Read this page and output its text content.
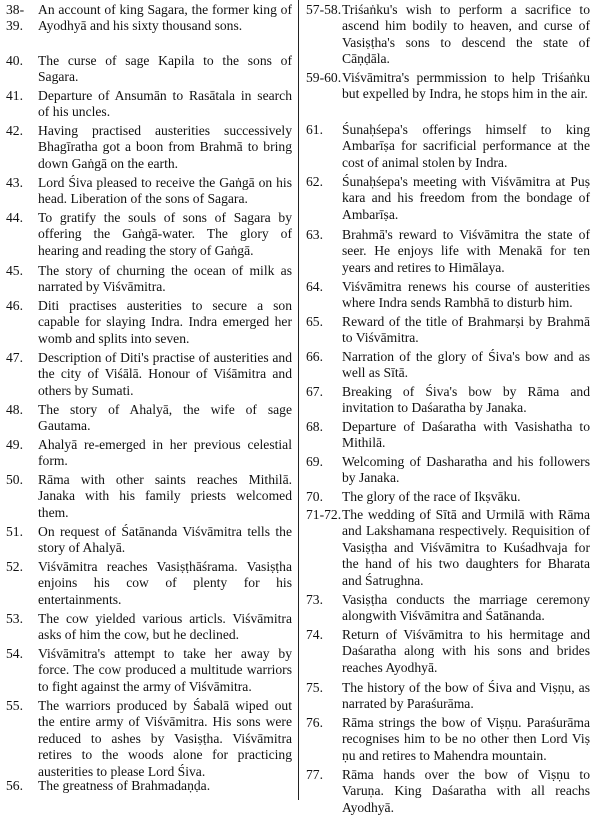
38-39.
An account of king Sagara, the former king of Ayodhyā and his sixty thousand sons.
40.	The curse of sage Kapila to the sons of Sagara.
41.	Departure of Ansumān to Rasātala in search of his uncles.
42.	Having practised austerities successively Bhagīratha got a boon from Brahmā to bring down Gaṅgā on the earth.
43.	Lord Śiva pleased to receive the Gaṅgā on his head. Liberation of the sons of Sagara.
44.	To gratify the souls of sons of Sagara by offering the Gaṅgā-water. The glory of hearing and reading the story of Gaṅgā.
45.	The story of churning the ocean of milk as narrated by Viśvāmitra.
46.	Diti practises austerities to secure a son capable for slaying Indra. Indra emerged her womb and splits into seven.
47.	Description of Diti's practise of austerities and the city of Viśālā. Honour of Viśāmitra and others by Sumati.
48.	The story of Ahalyā, the wife of sage Gautama.
49.	Ahalyā re-emerged in her previous celestial form.
50.	Rāma with other saints reaches Mithilā. Janaka with his family priests welcomed them.
51.	On request of Śatānanda Viśvāmitra tells the story of Ahalyā.
52.	Viśvāmitra reaches Vasiṣṭhāśrama. Vasiṣṭha enjoins his cow of plenty for his entertainments.
53.	The cow yielded various articls. Viśvāmitra asks of him the cow, but he declined.
54.	Viśvāmitra's attempt to take her away by force. The cow produced a multitude warriors to fight against the army of Viśvāmitra.
55.	The warriors produced by Śabalā wiped out the entire army of Viśvāmitra. His sons were reduced to ashes by Vasiṣṭha. Viśvāmitra retires to the woods alone for practicing austerities to please Lord Śiva.
56.	The greatness of Brahmadaṇḍa.
57-58. Triśaṅku's wish to perform a sacrifice to ascend him bodily to heaven, and curse of Vasiṣṭha's sons to descend the state of Cāṇḍāla.
59-60. Viśvāmitra's permmission to help Triśaṅku but expelled by Indra, he stops him in the air.
61.	Śunaḥśepa's offerings himself to king Ambarīṣa for sacrificial performance at the cost of animal stolen by Indra.
62.	Śunaḥśepa's meeting with Viśvāmitra at Puṣ kara and his freedom from the bondage of Ambarīṣa.
63.	Brahmā's reward to Viśvāmitra the state of seer. He enjoys life with Menakā for ten years and retires to Himālaya.
64.	Viśvāmitra renews his course of austerities where Indra sends Rambhā to disturb him.
65.	Reward of the title of Brahmarṣi by Brahmā to Viśvāmitra.
66.	Narration of the glory of Śiva's bow and as well as Sītā.
67.	Breaking of Śiva's bow by Rāma and invitation to Daśaratha by Janaka.
68.	Departure of Daśaratha with Vasishatha to Mithilā.
69.	Welcoming of Dasharatha and his followers by Janaka.
70.	The glory of the race of Ikṣvāku.
71-72. The wedding of Sītā and Urmilā with Rāma and Lakshamana respectively. Requisition of Vasiṣṭha and Viśvāmitra to Kuśadhvaja for the hand of his two daughters for Bharata and Śatrughna.
73.	Vasiṣṭha conducts the marriage ceremony alongwith Viśvāmitra and Śatānanda.
74.	Return of Viśvāmitra to his hermitage and Daśaratha along with his sons and brides reaches Ayodhyā.
75.	The history of the bow of Śiva and Viṣṇu, as narrated by Paraśurāma.
76.	Rāma strings the bow of Viṣṇu. Paraśurāma recognises him to be no other then Lord Viṣ ṇu and retires to Mahendra mountain.
77.	Rāma hands over the bow of Viṣṇu to Varuṇa. King Daśaratha with all reachs Ayodhyā.
